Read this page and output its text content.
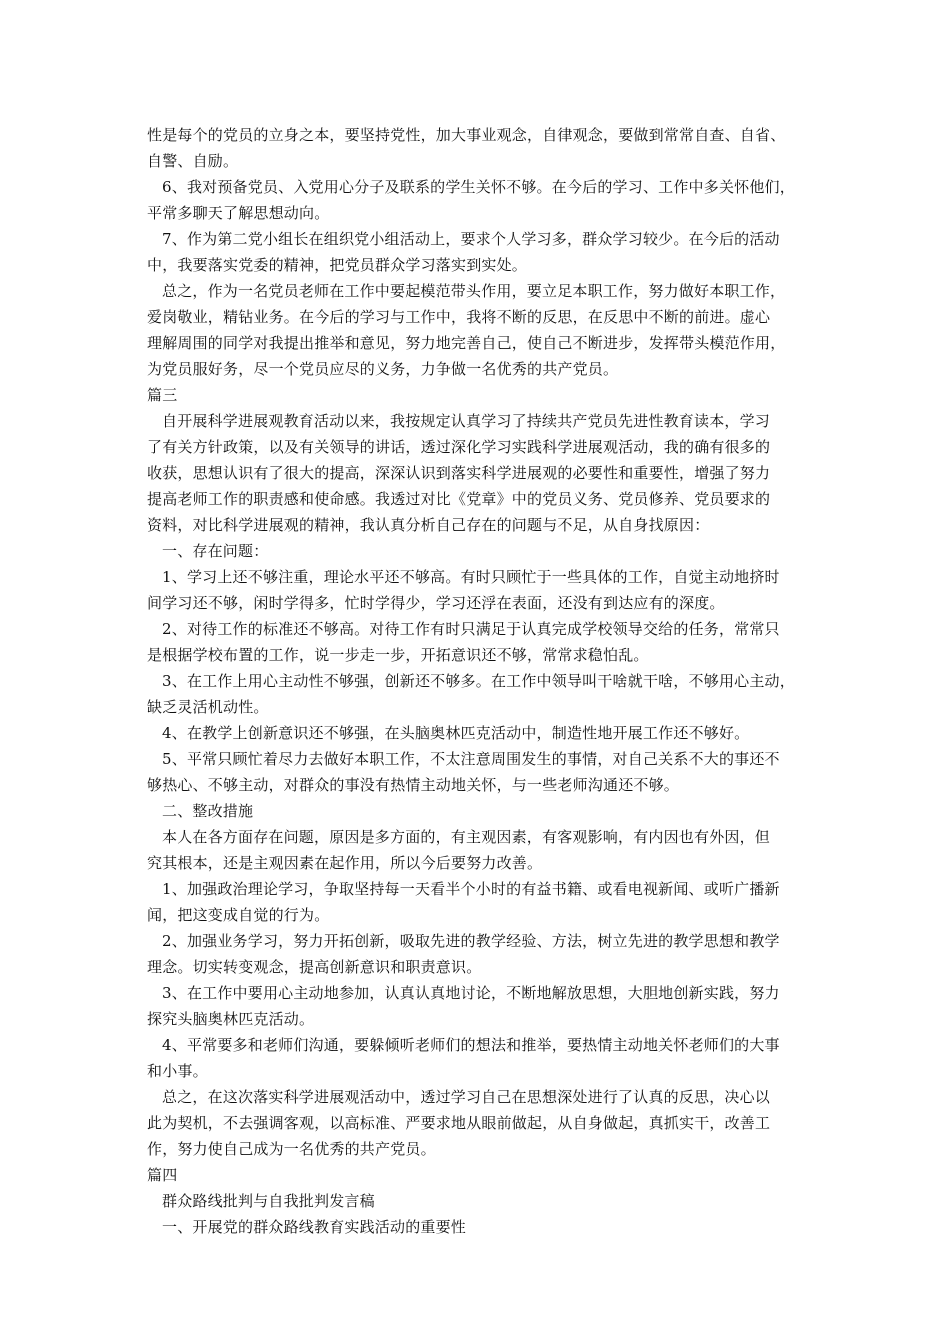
性是每个的党员的立身之本，要坚持党性，加大事业观念，自律观念，要做到常常自查、自省、
自警、自励。
6、我对预备党员、入党用心分子及联系的学生关怀不够。在今后的学习、工作中多关怀他们，
平常多聊天了解思想动向。
7、作为第二党小组长在组织党小组活动上，要求个人学习多，群众学习较少。在今后的活动
中，我要落实党委的精神，把党员群众学习落实到实处。
总之，作为一名党员老师在工作中要起模范带头作用，要立足本职工作，努力做好本职工作，
爱岗敬业，精钻业务。在今后的学习与工作中，我将不断的反思，在反思中不断的前进。虚心
理解周围的同学对我提出推举和意见，努力地完善自己，使自己不断进步，发挥带头模范作用，
为党员服好务，尽一个党员应尽的义务，力争做一名优秀的共产党员。
篇三
自开展科学进展观教育活动以来，我按规定认真学习了持续共产党员先进性教育读本，学习
了有关方针政策，以及有关领导的讲话，透过深化学习实践科学进展观活动，我的确有很多的
收获，思想认识有了很大的提高，深深认识到落实科学进展观的必要性和重要性，增强了努力
提高老师工作的职责感和使命感。我透过对比《党章》中的党员义务、党员修养、党员要求的
资料，对比科学进展观的精神，我认真分析自己存在的问题与不足，从自身找原因：
一、存在问题：
1、学习上还不够注重，理论水平还不够高。有时只顾忙于一些具体的工作，自觉主动地挤时
间学习还不够，闲时学得多，忙时学得少，学习还浮在表面，还没有到达应有的深度。
2、对待工作的标准还不够高。对待工作有时只满足于认真完成学校领导交给的任务，常常只
是根据学校布置的工作，说一步走一步，开拓意识还不够，常常求稳怕乱。
3、在工作上用心主动性不够强，创新还不够多。在工作中领导叫干啥就干啥，不够用心主动，
缺乏灵活机动性。
4、在教学上创新意识还不够强，在头脑奥林匹克活动中，制造性地开展工作还不够好。
5、平常只顾忙着尽力去做好本职工作，不太注意周围发生的事情，对自己关系不大的事还不
够热心、不够主动，对群众的事没有热情主动地关怀，与一些老师沟通还不够。
二、整改措施
本人在各方面存在问题，原因是多方面的，有主观因素，有客观影响，有内因也有外因，但
究其根本，还是主观因素在起作用，所以今后要努力改善。
1、加强政治理论学习，争取坚持每一天看半个小时的有益书籍、或看电视新闻、或听广播新
闻，把这变成自觉的行为。
2、加强业务学习，努力开拓创新，吸取先进的教学经验、方法，树立先进的教学思想和教学
理念。切实转变观念，提高创新意识和职责意识。
3、在工作中要用心主动地参加，认真认真地讨论，不断地解放思想，大胆地创新实践，努力
探究头脑奥林匹克活动。
4、平常要多和老师们沟通，要躲倾听老师们的想法和推举，要热情主动地关怀老师们的大事
和小事。
总之，在这次落实科学进展观活动中，透过学习自己在思想深处进行了认真的反思，决心以
此为契机，不去强调客观，以高标准、严要求地从眼前做起，从自身做起，真抓实干，改善工
作，努力使自己成为一名优秀的共产党员。
篇四
群众路线批判与自我批判发言稿
一、开展党的群众路线教育实践活动的重要性
